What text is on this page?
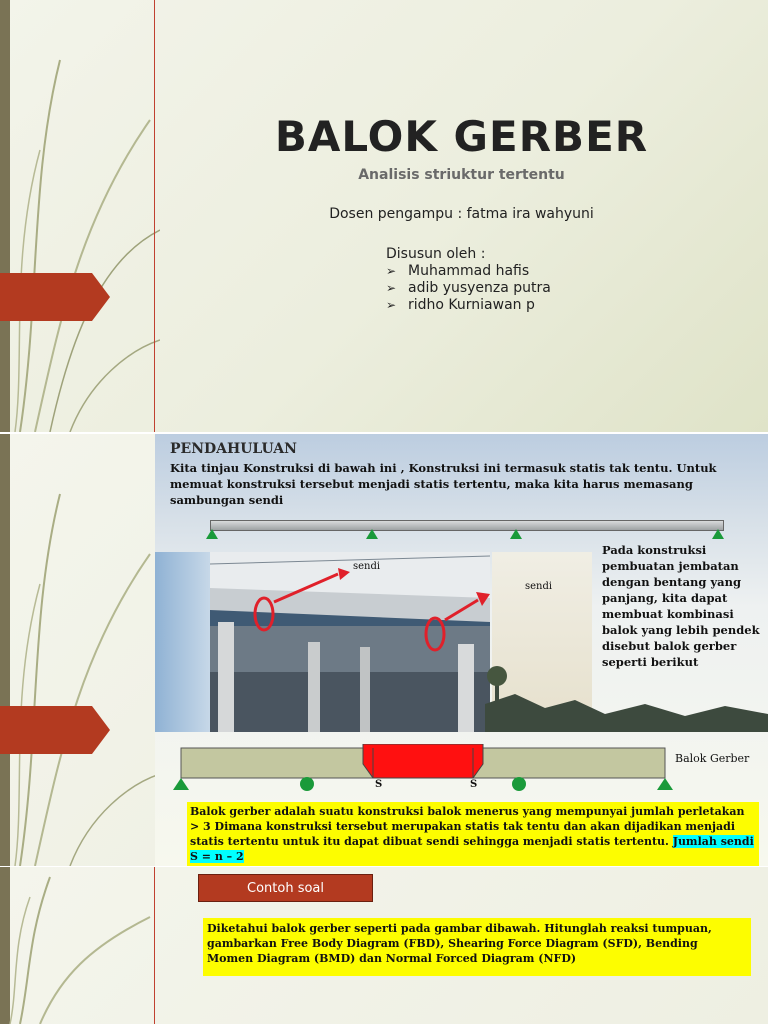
BALOK GERBER
Analisis striuktur tertentu
Dosen pengampu : fatma ira wahyuni
Disusun oleh :
➢ Muhammad hafis
➢ adib yusyenza putra
➢ ridho Kurniawan p
PENDAHULUAN
Kita tinjau Konstruksi di bawah ini , Konstruksi ini termasuk statis tak tentu. Untuk memuat konstruksi tersebut menjadi statis tertentu, maka kita harus memasang sambungan sendi
sendi
sendi
Pada konstruksi pembuatan jembatan dengan bentang yang panjang, kita dapat membuat kombinasi balok yang lebih pendek disebut balok gerber seperti berikut
Balok Gerber
S	S
Balok gerber adalah suatu konstruksi balok menerus yang mempunyai jumlah perletakan > 3 Dimana konstruksi tersebut merupakan statis tak tentu dan akan dijadikan menjadi statis tertentu untuk itu dapat dibuat sendi sehingga menjadi statis tertentu. Jumlah sendi S = n – 2
Contoh soal
Diketahui balok gerber seperti pada gambar dibawah. Hitunglah reaksi tumpuan, gambarkan Free Body Diagram (FBD), Shearing Force Diagram (SFD), Bending Momen Diagram (BMD) dan Normal Forced Diagram (NFD)
